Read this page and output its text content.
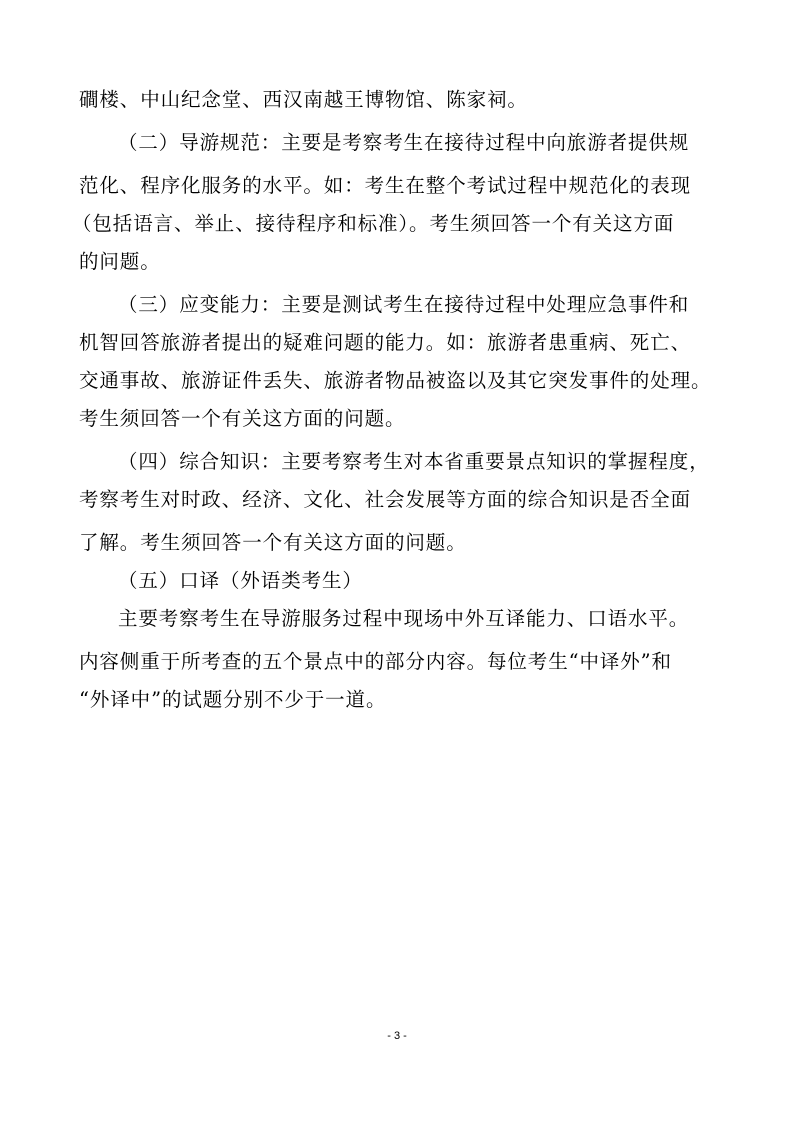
磵楼、中山纪念堂、西汉南越王博物馆、陈家祠。
（二）导游规范：主要是考察考生在接待过程中向旅游者提供规
范化、程序化服务的水平。如：考生在整个考试过程中规范化的表现
（包括语言、举止、接待程序和标准）。考生须回答一个有关这方面
的问题。
（三）应变能力：主要是测试考生在接待过程中处理应急事件和
机智回答旅游者提出的疑难问题的能力。如：旅游者患重病、死亡、
交通事故、旅游证件丢失、旅游者物品被盗以及其它突发事件的处理。
考生须回答一个有关这方面的问题。
（四）综合知识：主要考察考生对本省重要景点知识的掌握程度，
考察考生对时政、经济、文化、社会发展等方面的综合知识是否全面
了解。考生须回答一个有关这方面的问题。
（五）口译（外语类考生）
主要考察考生在导游服务过程中现场中外互译能力、口语水平。
内容侧重于所考查的五个景点中的部分内容。每位考生“中译外”和
“外译中”的试题分别不少于一道。
- 3 -
